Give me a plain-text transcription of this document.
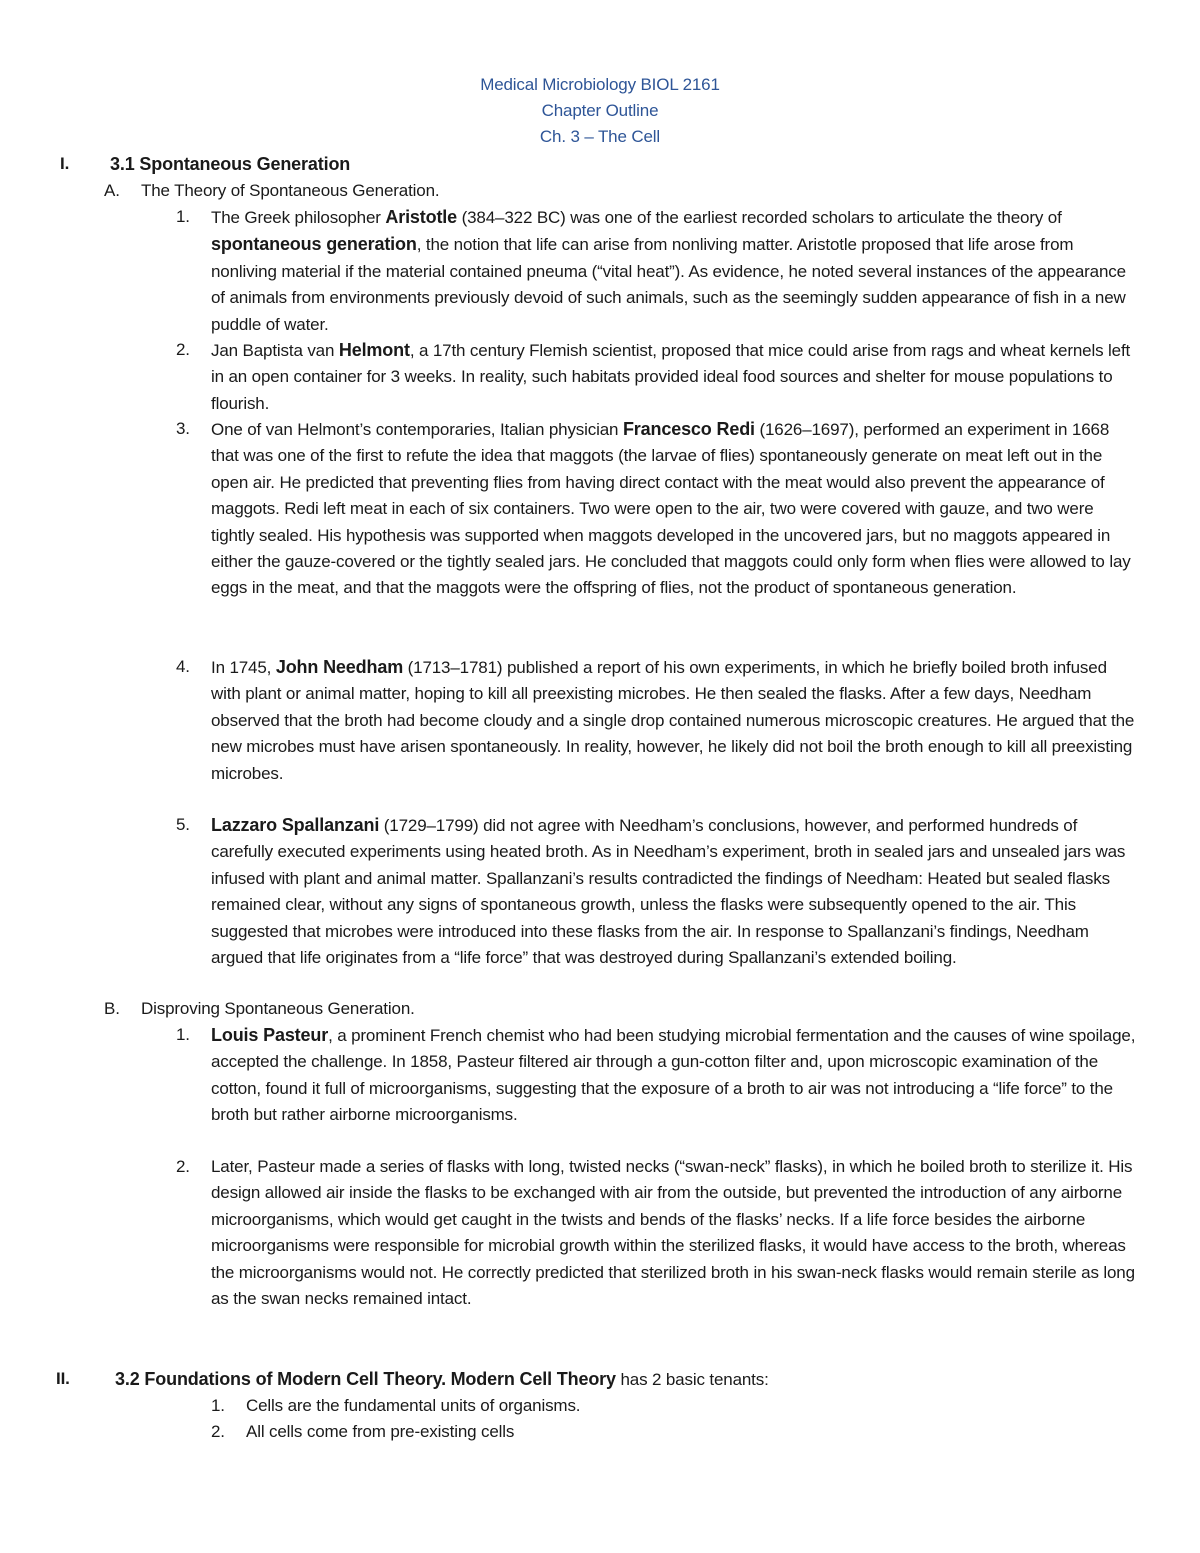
Medical Microbiology BIOL 2161
Chapter Outline
Ch. 3 – The Cell
I. 3.1 Spontaneous Generation
A. The Theory of Spontaneous Generation.
1. The Greek philosopher Aristotle (384–322 BC) was one of the earliest recorded scholars to articulate the theory of spontaneous generation, the notion that life can arise from nonliving matter. Aristotle proposed that life arose from nonliving material if the material contained pneuma (“vital heat”). As evidence, he noted several instances of the appearance of animals from environments previously devoid of such animals, such as the seemingly sudden appearance of fish in a new puddle of water.
2. Jan Baptista van Helmont, a 17th century Flemish scientist, proposed that mice could arise from rags and wheat kernels left in an open container for 3 weeks. In reality, such habitats provided ideal food sources and shelter for mouse populations to flourish.
3. One of van Helmont’s contemporaries, Italian physician Francesco Redi (1626–1697), performed an experiment in 1668 that was one of the first to refute the idea that maggots (the larvae of flies) spontaneously generate on meat left out in the open air. He predicted that preventing flies from having direct contact with the meat would also prevent the appearance of maggots. Redi left meat in each of six containers. Two were open to the air, two were covered with gauze, and two were tightly sealed. His hypothesis was supported when maggots developed in the uncovered jars, but no maggots appeared in either the gauze-covered or the tightly sealed jars. He concluded that maggots could only form when flies were allowed to lay eggs in the meat, and that the maggots were the offspring of flies, not the product of spontaneous generation.
4. In 1745, John Needham (1713–1781) published a report of his own experiments, in which he briefly boiled broth infused with plant or animal matter, hoping to kill all preexisting microbes. He then sealed the flasks. After a few days, Needham observed that the broth had become cloudy and a single drop contained numerous microscopic creatures. He argued that the new microbes must have arisen spontaneously. In reality, however, he likely did not boil the broth enough to kill all preexisting microbes.
5. Lazzaro Spallanzani (1729–1799) did not agree with Needham’s conclusions, however, and performed hundreds of carefully executed experiments using heated broth. As in Needham’s experiment, broth in sealed jars and unsealed jars was infused with plant and animal matter. Spallanzani’s results contradicted the findings of Needham: Heated but sealed flasks remained clear, without any signs of spontaneous growth, unless the flasks were subsequently opened to the air. This suggested that microbes were introduced into these flasks from the air. In response to Spallanzani’s findings, Needham argued that life originates from a “life force” that was destroyed during Spallanzani’s extended boiling.
B. Disproving Spontaneous Generation.
1. Louis Pasteur, a prominent French chemist who had been studying microbial fermentation and the causes of wine spoilage, accepted the challenge. In 1858, Pasteur filtered air through a gun-cotton filter and, upon microscopic examination of the cotton, found it full of microorganisms, suggesting that the exposure of a broth to air was not introducing a “life force” to the broth but rather airborne microorganisms.
2. Later, Pasteur made a series of flasks with long, twisted necks (“swan-neck” flasks), in which he boiled broth to sterilize it. His design allowed air inside the flasks to be exchanged with air from the outside, but prevented the introduction of any airborne microorganisms, which would get caught in the twists and bends of the flasks’ necks. If a life force besides the airborne microorganisms were responsible for microbial growth within the sterilized flasks, it would have access to the broth, whereas the microorganisms would not. He correctly predicted that sterilized broth in his swan-neck flasks would remain sterile as long as the swan necks remained intact.
II.	3.2 Foundations of Modern Cell Theory. Modern Cell Theory has 2 basic tenants:
1. Cells are the fundamental units of organisms.
2. All cells come from pre-existing cells
